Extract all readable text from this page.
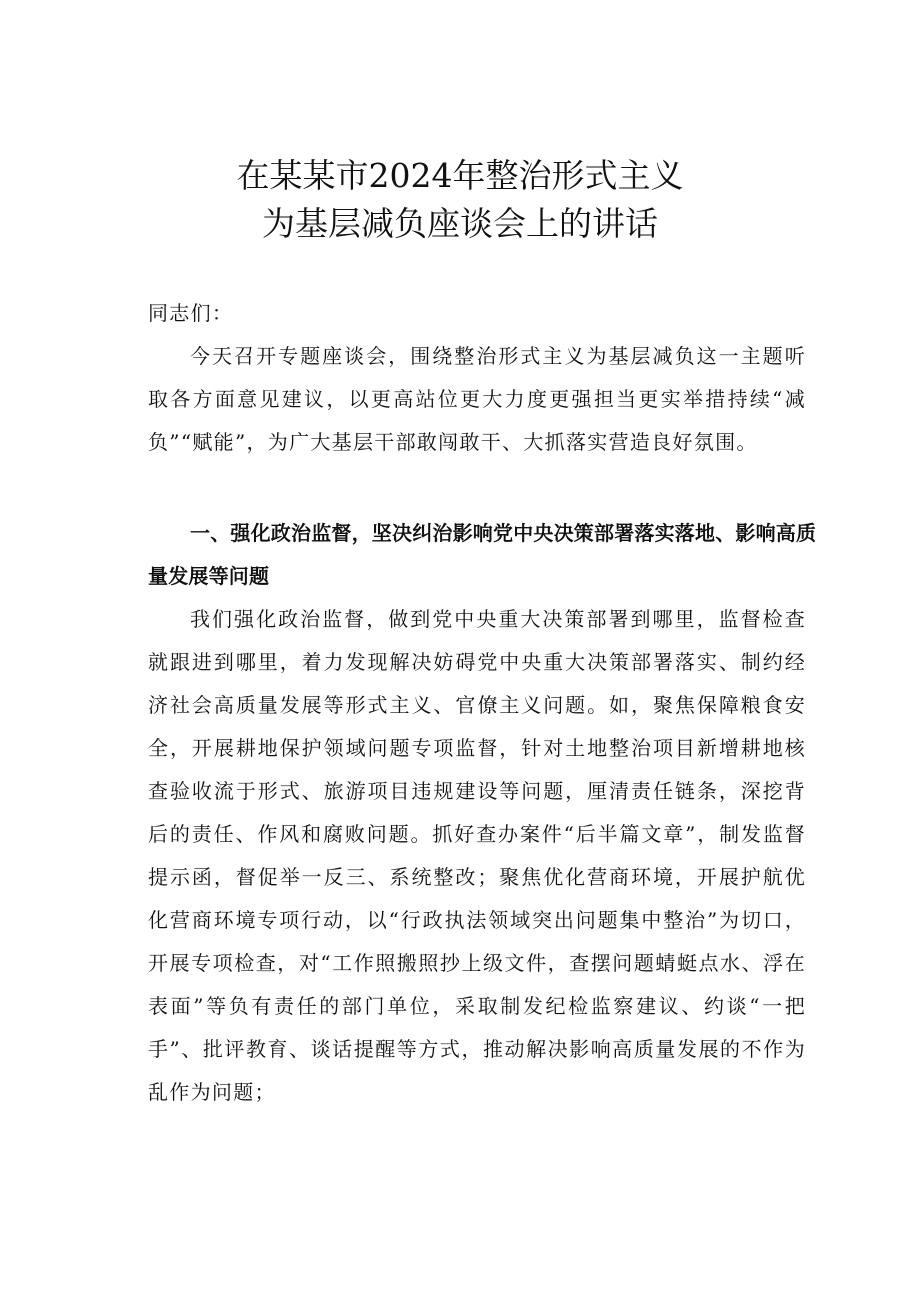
在某某市2024年整治形式主义
为基层减负座谈会上的讲话
同志们：
今天召开专题座谈会，围绕整治形式主义为基层减负这一主题听取各方面意见建议，以更高站位更大力度更强担当更实举措持续“减负”“赋能”，为广大基层干部敢闯敢干、大抓落实营造良好氛围。
一、强化政治监督，坚决纠治影响党中央决策部署落实落地、影响高质量发展等问题
我们强化政治监督，做到党中央重大决策部署到哪里，监督检查就跟进到哪里，着力发现解决妨碍党中央重大决策部署落实、制约经济社会高质量发展等形式主义、官僚主义问题。如，聚焦保障粮食安全，开展耕地保护领域问题专项监督，针对土地整治项目新增耕地核查验收流于形式、旅游项目违规建设等问题，厘清责任链条，深挖背后的责任、作风和腐败问题。抓好查办案件“后半篇文章”，制发监督提示函，督促举一反三、系统整改；聚焦优化营商环境，开展护航优化营商环境专项行动，以“行政执法领域突出问题集中整治”为切口，开展专项检查，对“工作照搬照抄上级文件，查摆问题蜻蜓点水、浮在表面”等负有责任的部门单位，采取制发纪检监察建议、约谈“一把手”、批评教育、谈话提醒等方式，推动解决影响高质量发展的不作为乱作为问题；
